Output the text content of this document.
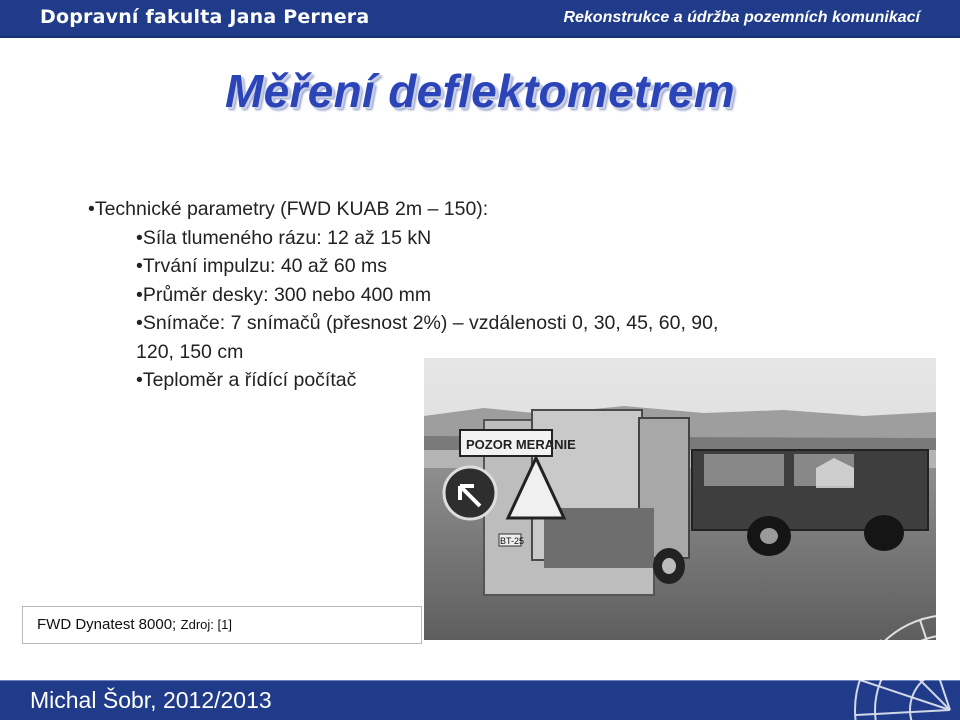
Dopravní fakulta Jana Pernera	Rekonstrukce a údržba pozemních komunikací
Měření deflektometrem
•Technické parametry (FWD KUAB 2m – 150):
•Síla tlumeného rázu: 12 až 15 kN
•Trvání impulzu: 40 až 60 ms
•Průměr desky: 300 nebo 400 mm
•Snímače: 7 snímačů (přesnost 2%) – vzdálenosti 0, 30, 45, 60, 90,
120, 150 cm
•Teploměr a řídící počítač
POZOR MERANIE
BT-25
FWD Dynatest 8000; Zdroj: [1]
Michal Šobr, 2012/2013
